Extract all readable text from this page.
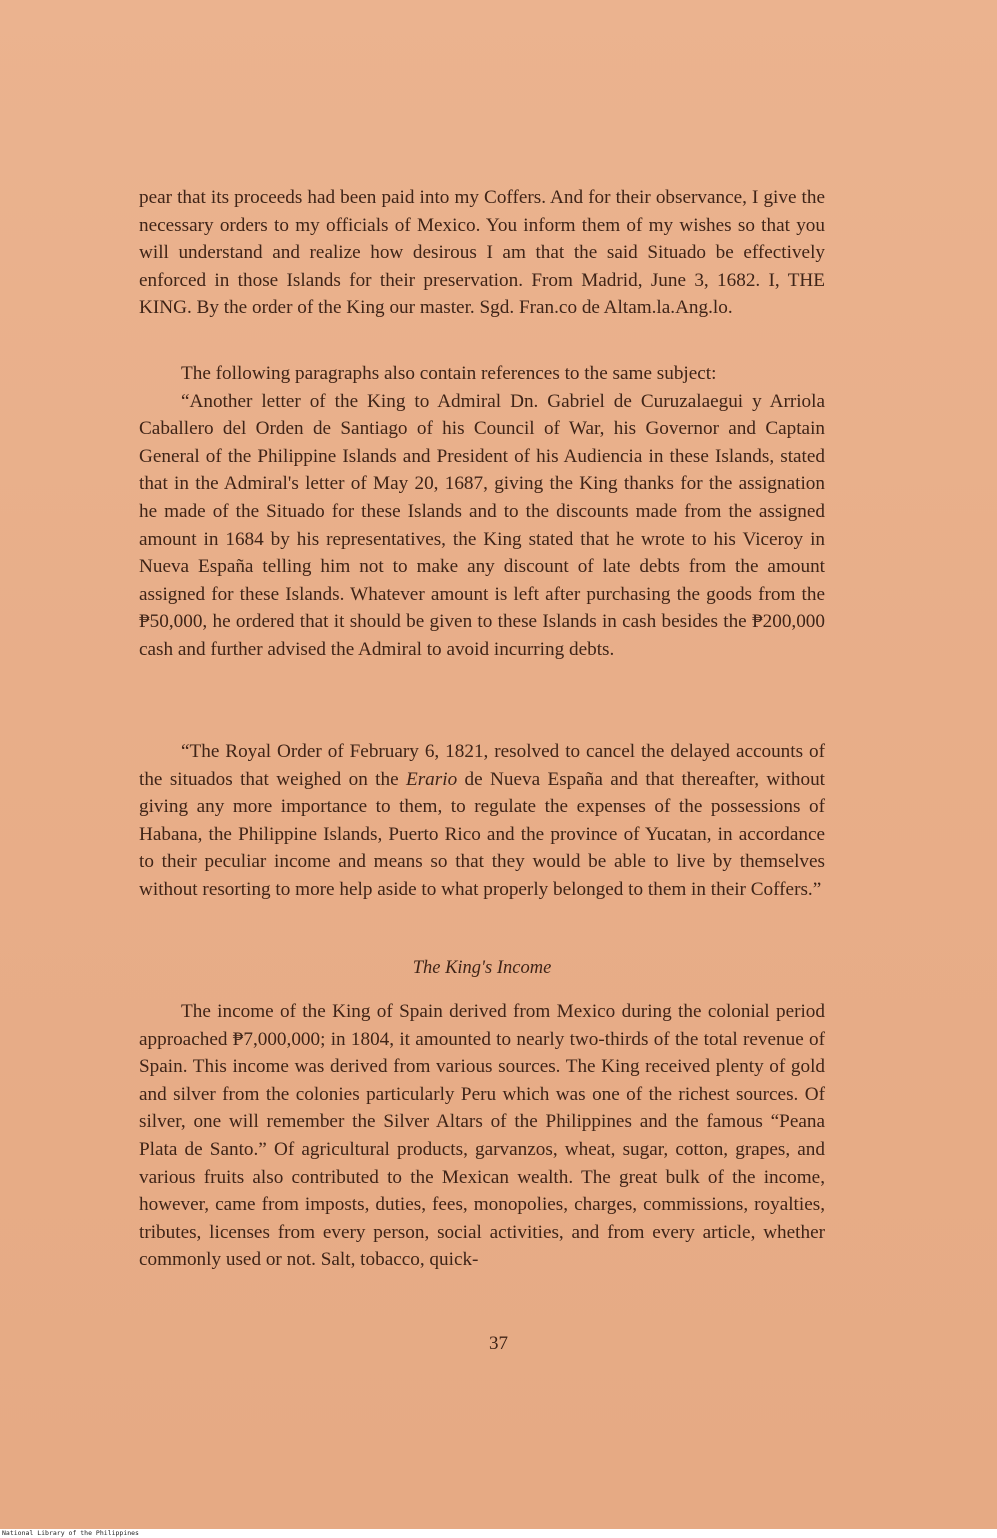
pear that its proceeds had been paid into my Coffers. And for their observance, I give the necessary orders to my officials of Mexico. You inform them of my wishes so that you will understand and realize how desirous I am that the said Situado be effectively enforced in those Islands for their preservation. From Madrid, June 3, 1682. I, THE KING. By the order of the King our master. Sgd. Fran.co de Altam.la.Ang.lo.

The following paragraphs also contain references to the same subject:

“Another letter of the King to Admiral Dn. Gabriel de Curuzalaegui y Arriola Caballero del Orden de Santiago of his Council of War, his Governor and Captain General of the Philippine Islands and President of his Audiencia in these Islands, stated that in the Admiral's letter of May 20, 1687, giving the King thanks for the assignation he made of the Situado for these Islands and to the discounts made from the assigned amount in 1684 by his representatives, the King stated that he wrote to his Viceroy in Nueva España telling him not to make any discount of late debts from the amount assigned for these Islands. Whatever amount is left after purchasing the goods from the ₱50,000, he ordered that it should be given to these Islands in cash besides the ₱200,000 cash and further advised the Admiral to avoid incurring debts.

“The Royal Order of February 6, 1821, resolved to cancel the delayed accounts of the situados that weighed on the Erario de Nueva España and that thereafter, without giving any more importance to them, to regulate the expenses of the possessions of Habana, the Philippine Islands, Puerto Rico and the province of Yucatan, in accordance to their peculiar income and means so that they would be able to live by themselves without resorting to more help aside to what properly belonged to them in their Coffers.”

The King's Income

The income of the King of Spain derived from Mexico during the colonial period approached ₱7,000,000; in 1804, it amounted to nearly two-thirds of the total revenue of Spain. This income was derived from various sources. The King received plenty of gold and silver from the colonies particularly Peru which was one of the richest sources. Of silver, one will remember the Silver Altars of the Philippines and the famous “Peana Plata de Santo.” Of agricultural products, garvanzos, wheat, sugar, cotton, grapes, and various fruits also contributed to the Mexican wealth. The great bulk of the income, however, came from imposts, duties, fees, monopolies, charges, commissions, royalties, tributes, licenses from every person, social activities, and from every article, whether commonly used or not. Salt, tobacco, quick-

37
National Library of the Philippines
